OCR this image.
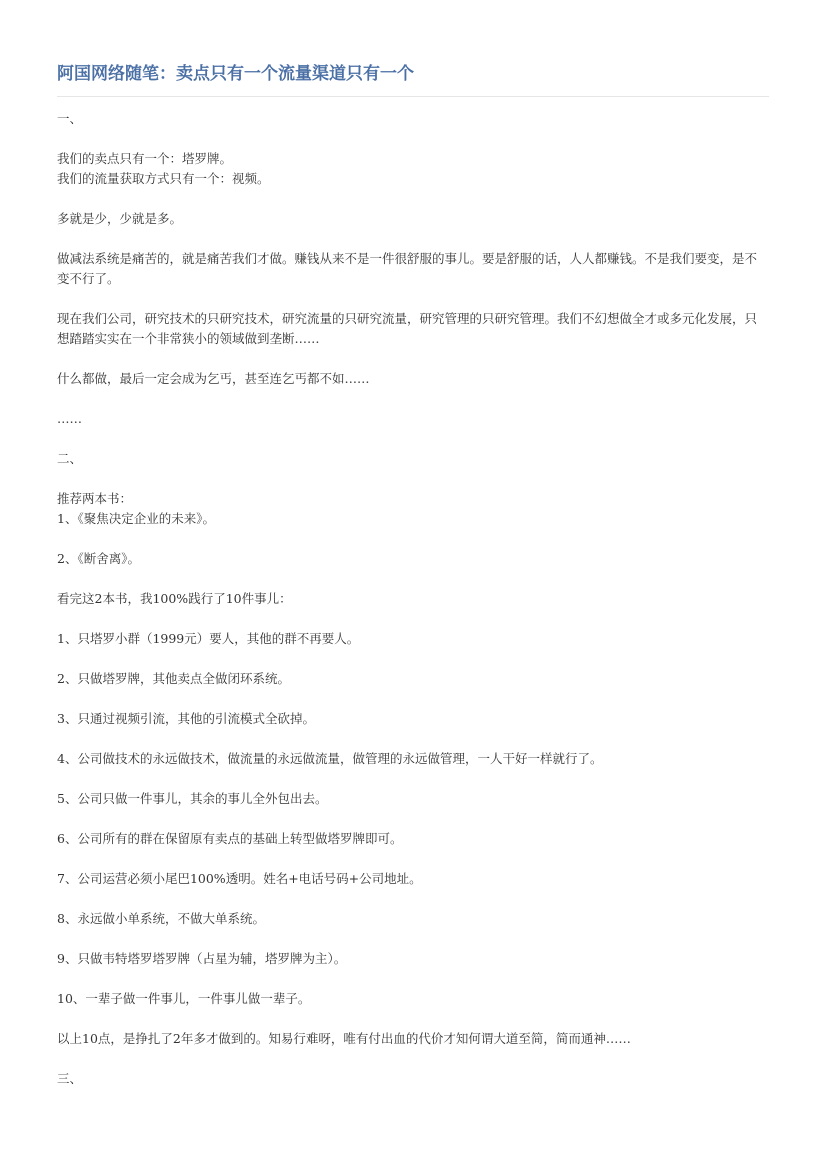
阿国网络随笔：卖点只有一个流量渠道只有一个

一、

我们的卖点只有一个：塔罗牌。

我们的流量获取方式只有一个：视频。

多就是少，少就是多。

做减法系统是痛苦的，就是痛苦我们才做。赚钱从来不是一件很舒服的事儿。要是舒服的话，人人都赚钱。不是我们要变，是不变不行了。

现在我们公司，研究技术的只研究技术，研究流量的只研究流量，研究管理的只研究管理。我们不幻想做全才或多元化发展，只想踏踏实实在一个非常狭小的领域做到垄断……

什么都做，最后一定会成为乞丐，甚至连乞丐都不如……

……

二、

推荐两本书：

1、《聚焦决定企业的未来》。

2、《断舍离》。

看完这2本书，我100%践行了10件事儿：

1、只塔罗小群（1999元）要人，其他的群不再要人。

2、只做塔罗牌，其他卖点全做闭环系统。

3、只通过视频引流，其他的引流模式全砍掉。

4、公司做技术的永远做技术，做流量的永远做流量，做管理的永远做管理，一人干好一样就行了。

5、公司只做一件事儿，其余的事儿全外包出去。

6、公司所有的群在保留原有卖点的基础上转型做塔罗牌即可。

7、公司运营必须小尾巴100%透明。姓名+电话号码+公司地址。

8、永远做小单系统，不做大单系统。

9、只做韦特塔罗塔罗牌（占星为辅，塔罗牌为主）。

10、一辈子做一件事儿，一件事儿做一辈子。

以上10点，是挣扎了2年多才做到的。知易行难呀，唯有付出血的代价才知何谓大道至简，简而通神……

三、
